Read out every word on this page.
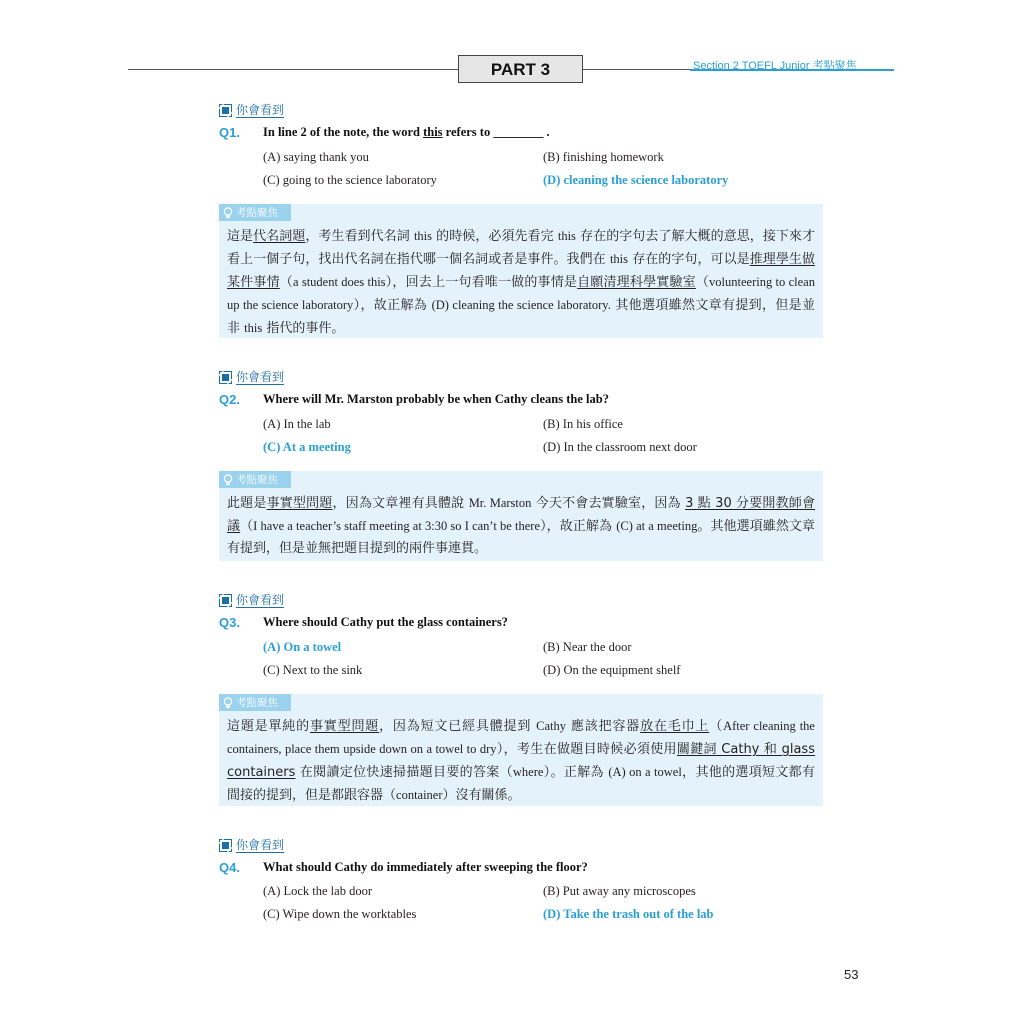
PART 3	Section 2 TOEFL Junior 考點聚焦
你會看到
Q1. In line 2 of the note, the word this refers to ________ .
(A) saying thank you	(B) finishing homework
(C) going to the science laboratory	(D) cleaning the science laboratory
考點聚焦
這是代名詞題，考生看到代名詞 this 的時候，必須先看完 this 存在的字句去了解大概的意思，接下來才看上一個子句，找出代名詞在指代哪一個名詞或者是事件。我們在 this 存在的字句，可以是推理學生做某件事情（a student does this），回去上一句看唯一做的事情是自願清理科學實驗室（volunteering to clean up the science laboratory），故正解為 (D) cleaning the science laboratory. 其他選項雖然文章有提到，但是並非 this 指代的事件。
你會看到
Q2. Where will Mr. Marston probably be when Cathy cleans the lab?
(A) In the lab	(B) In his office
(C) At a meeting	(D) In the classroom next door
考點聚焦
此題是事實型問題，因為文章裡有具體說 Mr. Marston 今天不會去實驗室，因為 3 點 30 分要開教師會議（I have a teacher’s staff meeting at 3:30 so I can’t be there），故正解為 (C) at a meeting。其他選項雖然文章有提到，但是並無把題目提到的兩件事連貫。
你會看到
Q3. Where should Cathy put the glass containers?
(A) On a towel	(B) Near the door
(C) Next to the sink	(D) On the equipment shelf
考點聚焦
這題是單純的事實型問題，因為短文已經具體提到 Cathy 應該把容器放在毛巾上（After cleaning the containers, place them upside down on a towel to dry），考生在做題目時候必須使用關鍵詞 Cathy 和 glass containers 在閱讀定位快速掃描題目要的答案（where）。正解為 (A) on a towel，其他的選項短文都有間接的提到，但是都跟容器（container）沒有關係。
你會看到
Q4. What should Cathy do immediately after sweeping the floor?
(A) Lock the lab door	(B) Put away any microscopes
(C) Wipe down the worktables	(D) Take the trash out of the lab
53
